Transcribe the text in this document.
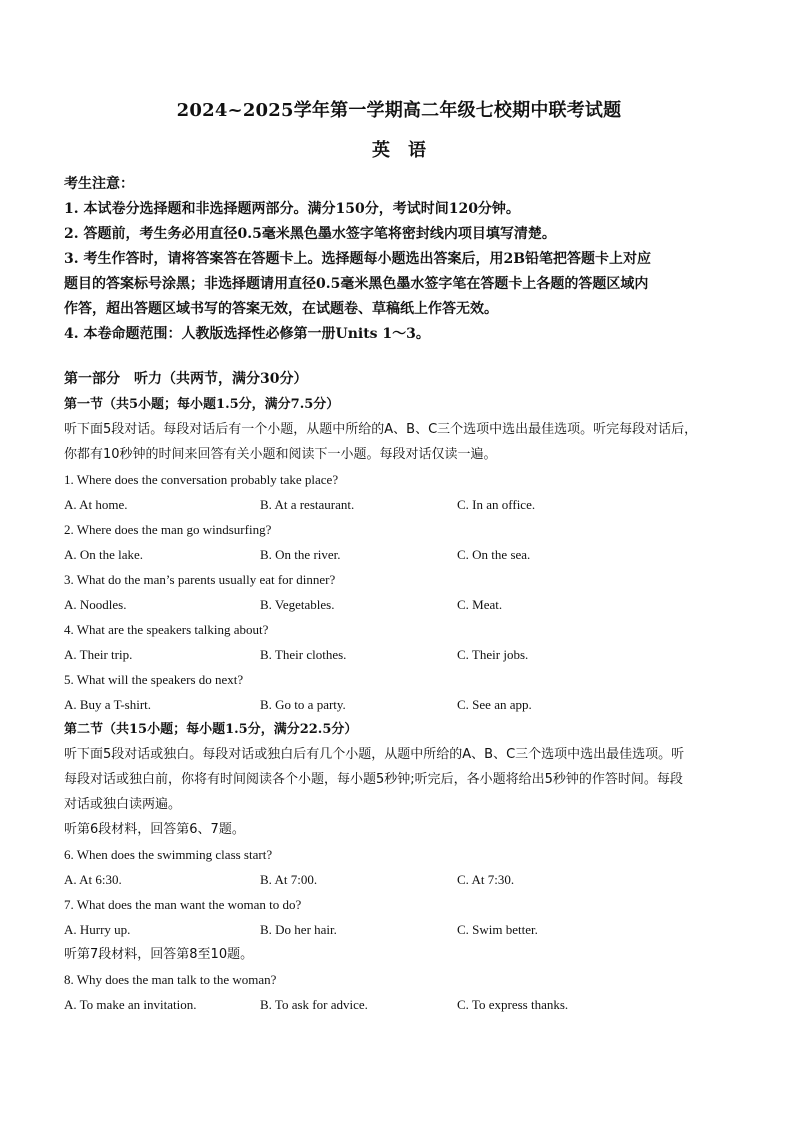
2024~2025学年第一学期高二年级七校期中联考试题
英语
考生注意：
1. 本试卷分选择题和非选择题两部分。满分150分，考试时间120分钟。
2. 答题前，考生务必用直径0.5毫米黑色墨水签字笔将密封线内项目填写清楚。
3. 考生作答时，请将答案答在答题卡上。选择题每小题选出答案后，用2B铅笔把答题卡上对应
题目的答案标号涂黑；非选择题请用直径0.5毫米黑色墨水签字笔在答题卡上各题的答题区域内
作答，超出答题区域书写的答案无效，在试题卷、草稿纸上作答无效。
4. 本卷命题范围：人教版选择性必修第一册Units 1～3。
第一部分　听力（共两节，满分30分）
第一节（共5小题；每小题1.5分，满分7.5分）
听下面5段对话。每段对话后有一个小题，从题中所给的A、B、C三个选项中选出最佳选项。听完每段对话后，
你都有10秒钟的时间来回答有关小题和阅读下一小题。每段对话仅读一遍。
1. Where does the conversation probably take place?
A. At home.	B. At a restaurant.	C. In an office.
2. Where does the man go windsurfing?
A. On the lake.	B. On the river.	C. On the sea.
3. What do the man’s parents usually eat for dinner?
A. Noodles.	B. Vegetables.	C. Meat.
4. What are the speakers talking about?
A. Their trip.	B. Their clothes.	C. Their jobs.
5. What will the speakers do next?
A. Buy a T-shirt.	B. Go to a party.	C. See an app.
第二节（共15小题；每小题1.5分，满分22.5分）
听下面5段对话或独白。每段对话或独白后有几个小题，从题中所给的A、B、C三个选项中选出最佳选项。听
每段对话或独白前，你将有时间阅读各个小题，每小题5秒钟;听完后，各小题将给出5秒钟的作答时间。每段
对话或独白读两遍。
听第6段材料，回答第6、7题。
6. When does the swimming class start?
A. At 6:30.	B. At 7:00.	C. At 7:30.
7. What does the man want the woman to do?
A. Hurry up.	B. Do her hair.	C. Swim better.
听第7段材料，回答第8至10题。
8. Why does the man talk to the woman?
A. To make an invitation.	B. To ask for advice.	C. To express thanks.
